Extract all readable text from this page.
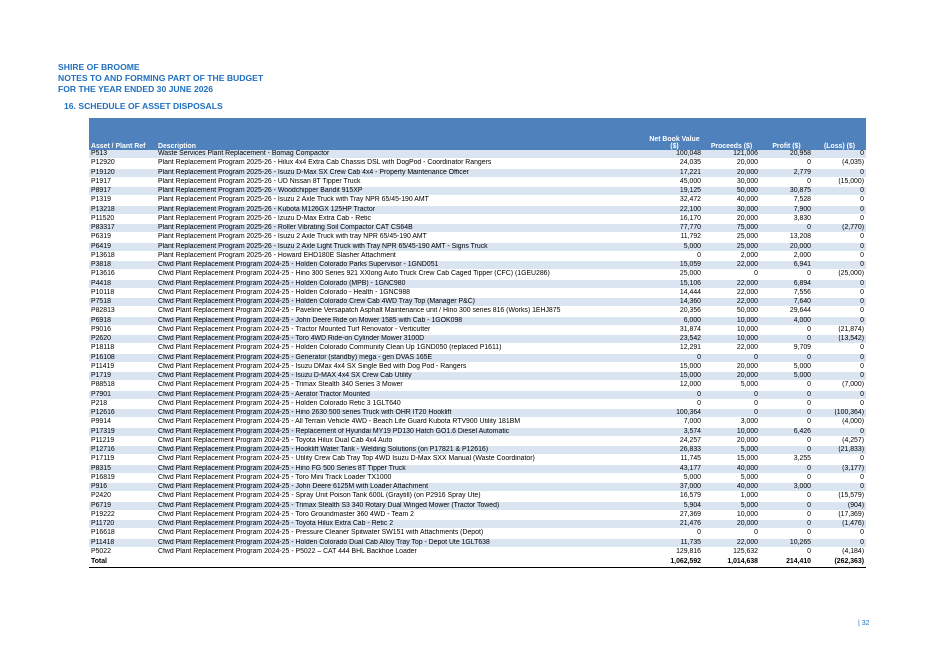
SHIRE OF BROOME
NOTES TO AND FORMING PART OF THE BUDGET
FOR THE YEAR ENDED 30 JUNE 2026
16. SCHEDULE OF ASSET DISPOSALS
Asset / Plant Ref	Description	Net Book Value ($)	Proceeds ($)	Profit ($)	(Loss) ($)
P513	Waste Services Plant Replacement - Bomag Compactor	100,048	121,006	20,958	0
P12920	Plant Replacement Program 2025-26 - Hilux 4x4 Extra Cab Chassis DSL with DogPod - Coordinator Rangers	24,035	20,000	0	(4,035)
P19120	Plant Replacement Program 2025-26 - Isuzu D-Max SX Crew Cab 4x4 - Property Maintenance Officer	17,221	20,000	2,779	0
P1917	Plant Replacement Program 2025-26 - UD Nissan 8T Tipper Truck	45,000	30,000	0	(15,000)
P8917	Plant Replacement Program 2025-26 - Woodchipper Bandit 915XP	19,125	50,000	30,875	0
P1319	Plant Replacement Program 2025-26 - Isuzu 2 Axle Truck with Tray NPR 65/45-190 AMT	32,472	40,000	7,528	0
P13218	Plant Replacement Program 2025-26 - Kubota M126GX 125HP Tractor	22,100	30,000	7,900	0
P11520	Plant Replacement Program 2025-26 - Izuzu D-Max Extra Cab - Retic	16,170	20,000	3,830	0
P83317	Plant Replacement Program 2025-26 - Roller Vibrating Soil Compactor CAT CS64B	77,770	75,000	0	(2,770)
P6319	Plant Replacement Program 2025-26 - Isuzu 2 Axle Truck with tray NPR 65/45-190 AMT	11,792	25,000	13,208	0
P6419	Plant Replacement Program 2025-26 - Isuzu 2 Axle Light Truck with Tray NPR 65/45-190 AMT - Signs Truck	5,000	25,000	20,000	0
P13618	Plant Replacement Program 2025-26 - Howard EHD180E Slasher Attachment	0	2,000	2,000	0
P3818	Cfwd Plant Replacement Program 2024-25 - Holden Colorado Parks Supervisor - 1GND051	15,059	22,000	6,941	0
P13616	Cfwd Plant Replacement Program 2024-25 - Hino 300 Series 921 XXlong Auto Truck Crew Cab Caged Tipper (CFC) (1GEU286)	25,000	0	0	(25,000)
P4418	Cfwd Plant Replacement Program 2024-25 - Holden Colorado (MPB) - 1GNC980	15,106	22,000	6,894	0
P10118	Cfwd Plant Replacement Program 2024-25 - Holden Colorado - Health - 1GNC988	14,444	22,000	7,556	0
P7518	Cfwd Plant Replacement Program 2024-25 - Holden Colorado Crew Cab 4WD Tray Top (Manager P&C)	14,360	22,000	7,640	0
P82813	Cfwd Plant Replacement Program 2024-25 - Paveline Versapatch Asphalt Maintenance unit / Hino 300 series 816 (Works) 1EHJ875	20,356	50,000	29,644	0
P6918	Cfwd Plant Replacement Program 2024-25 - John Deere Ride on Mower 1585 with Cab - 1GOK098	6,000	10,000	4,000	0
P9016	Cfwd Plant Replacement Program 2024-25 - Tractor Mounted Turf Renovator - Verticutter	31,874	10,000	0	(21,874)
P2620	Cfwd Plant Replacement Program 2024-25 - Toro 4WD Ride-on Cylinder Mower 3100D	23,542	10,000	0	(13,542)
P18118	Cfwd Plant Replacement Program 2024-25 - Holden Colorado Community Clean Up 1GND050 (replaced P1611)	12,291	22,000	9,709	0
P16108	Cfwd Plant Replacement Program 2024-25 - Generator (standby) mega - gen DVAS 165E	0	0	0	0
P11419	Cfwd Plant Replacement Program 2024-25 - Isuzu DMax 4x4 SX Single Bed with Dog Pod - Rangers	15,000	20,000	5,000	0
P1719	Cfwd Plant Replacement Program 2024-25 - Isuzu D-MAX 4x4 SX Crew Cab Utility	15,000	20,000	5,000	0
P88518	Cfwd Plant Replacement Program 2024-25 - Trimax Stealth 340 Series 3 Mower	12,000	5,000	0	(7,000)
P7901	Cfwd Plant Replacement Program 2024-25 - Aerator Tractor Mounted	0	0	0	0
P218	Cfwd Plant Replacement Program 2024-25 - Holden Colorado Retic 3 1GLT640	0	0	0	0
P12616	Cfwd Plant Replacement Program 2024-25 - Hino 2630 500 series Truck with OHR IT20 Hooklift	100,364	0	0	(100,364)
P9914	Cfwd Plant Replacement Program 2024-25 - All Terrain Vehicle 4WD - Beach Life Guard Kubota RTV900 Utility 181BM	7,000	3,000	0	(4,000)
P17319	Cfwd Plant Replacement Program 2024-25 - Replacement of Hyundai MY19 PD130 Hatch GO1.6 Diesel Automatic	3,574	10,000	6,426	0
P11219	Cfwd Plant Replacement Program 2024-25 - Toyota Hilux Dual Cab 4x4 Auto	24,257	20,000	0	(4,257)
P12716	Cfwd Plant Replacement Program 2024-25 - Hooklift Water Tank - Welding Solutions (on P17821 & P12616)	26,833	5,000	0	(21,833)
P17119	Cfwd Plant Replacement Program 2024-25 - Utility Crew Cab Tray Top 4WD Isuzu D-Max SXX Manual (Waste Coordinator)	11,745	15,000	3,255	0
P8315	Cfwd Plant Replacement Program 2024-25 - Hino FG 500 Series 8T Tipper Truck	43,177	40,000	0	(3,177)
P16819	Cfwd Plant Replacement Program 2024-25 - Toro Mini Track Loader TX1000	5,000	5,000	0	0
P916	Cfwd Plant Replacement Program 2024-25 - John Deere 6125M with Loader Attachment	37,000	40,000	3,000	0
P2420	Cfwd Plant Replacement Program 2024-25 - Spray Unit Poison Tank 600L (Graytill) (on P2916 Spray Ute)	16,579	1,000	0	(15,579)
P6719	Cfwd Plant Replacement Program 2024-25 - Trimax Stealth S3 340 Rotary Dual Winged Mower (Tractor Towed)	5,904	5,000	0	(904)
P19222	Cfwd Plant Replacement Program 2024-25 - Toro Groundmaster 360 4WD - Team 2	27,369	10,000	0	(17,369)
P11720	Cfwd Plant Replacement Program 2024-25 - Toyota Hilux Extra Cab - Retic 2	21,476	20,000	0	(1,476)
P16618	Cfwd Plant Replacement Program 2024-25 - Pressure Cleaner Spitwater SW151 with Attachments (Depot)	0	0	0	0
P11418	Cfwd Plant Replacement Program 2024-25 - Holden Colorado Dual Cab Alloy Tray Top - Depot Ute 1GLT638	11,735	22,000	10,265	0
P5022	Cfwd Plant Replacement Program 2024-25 - P5022 – CAT 444 BHL Backhoe Loader	129,816	125,632	0	(4,184)
Total		1,062,592	1,014,638	214,410	(262,363)
| 32
